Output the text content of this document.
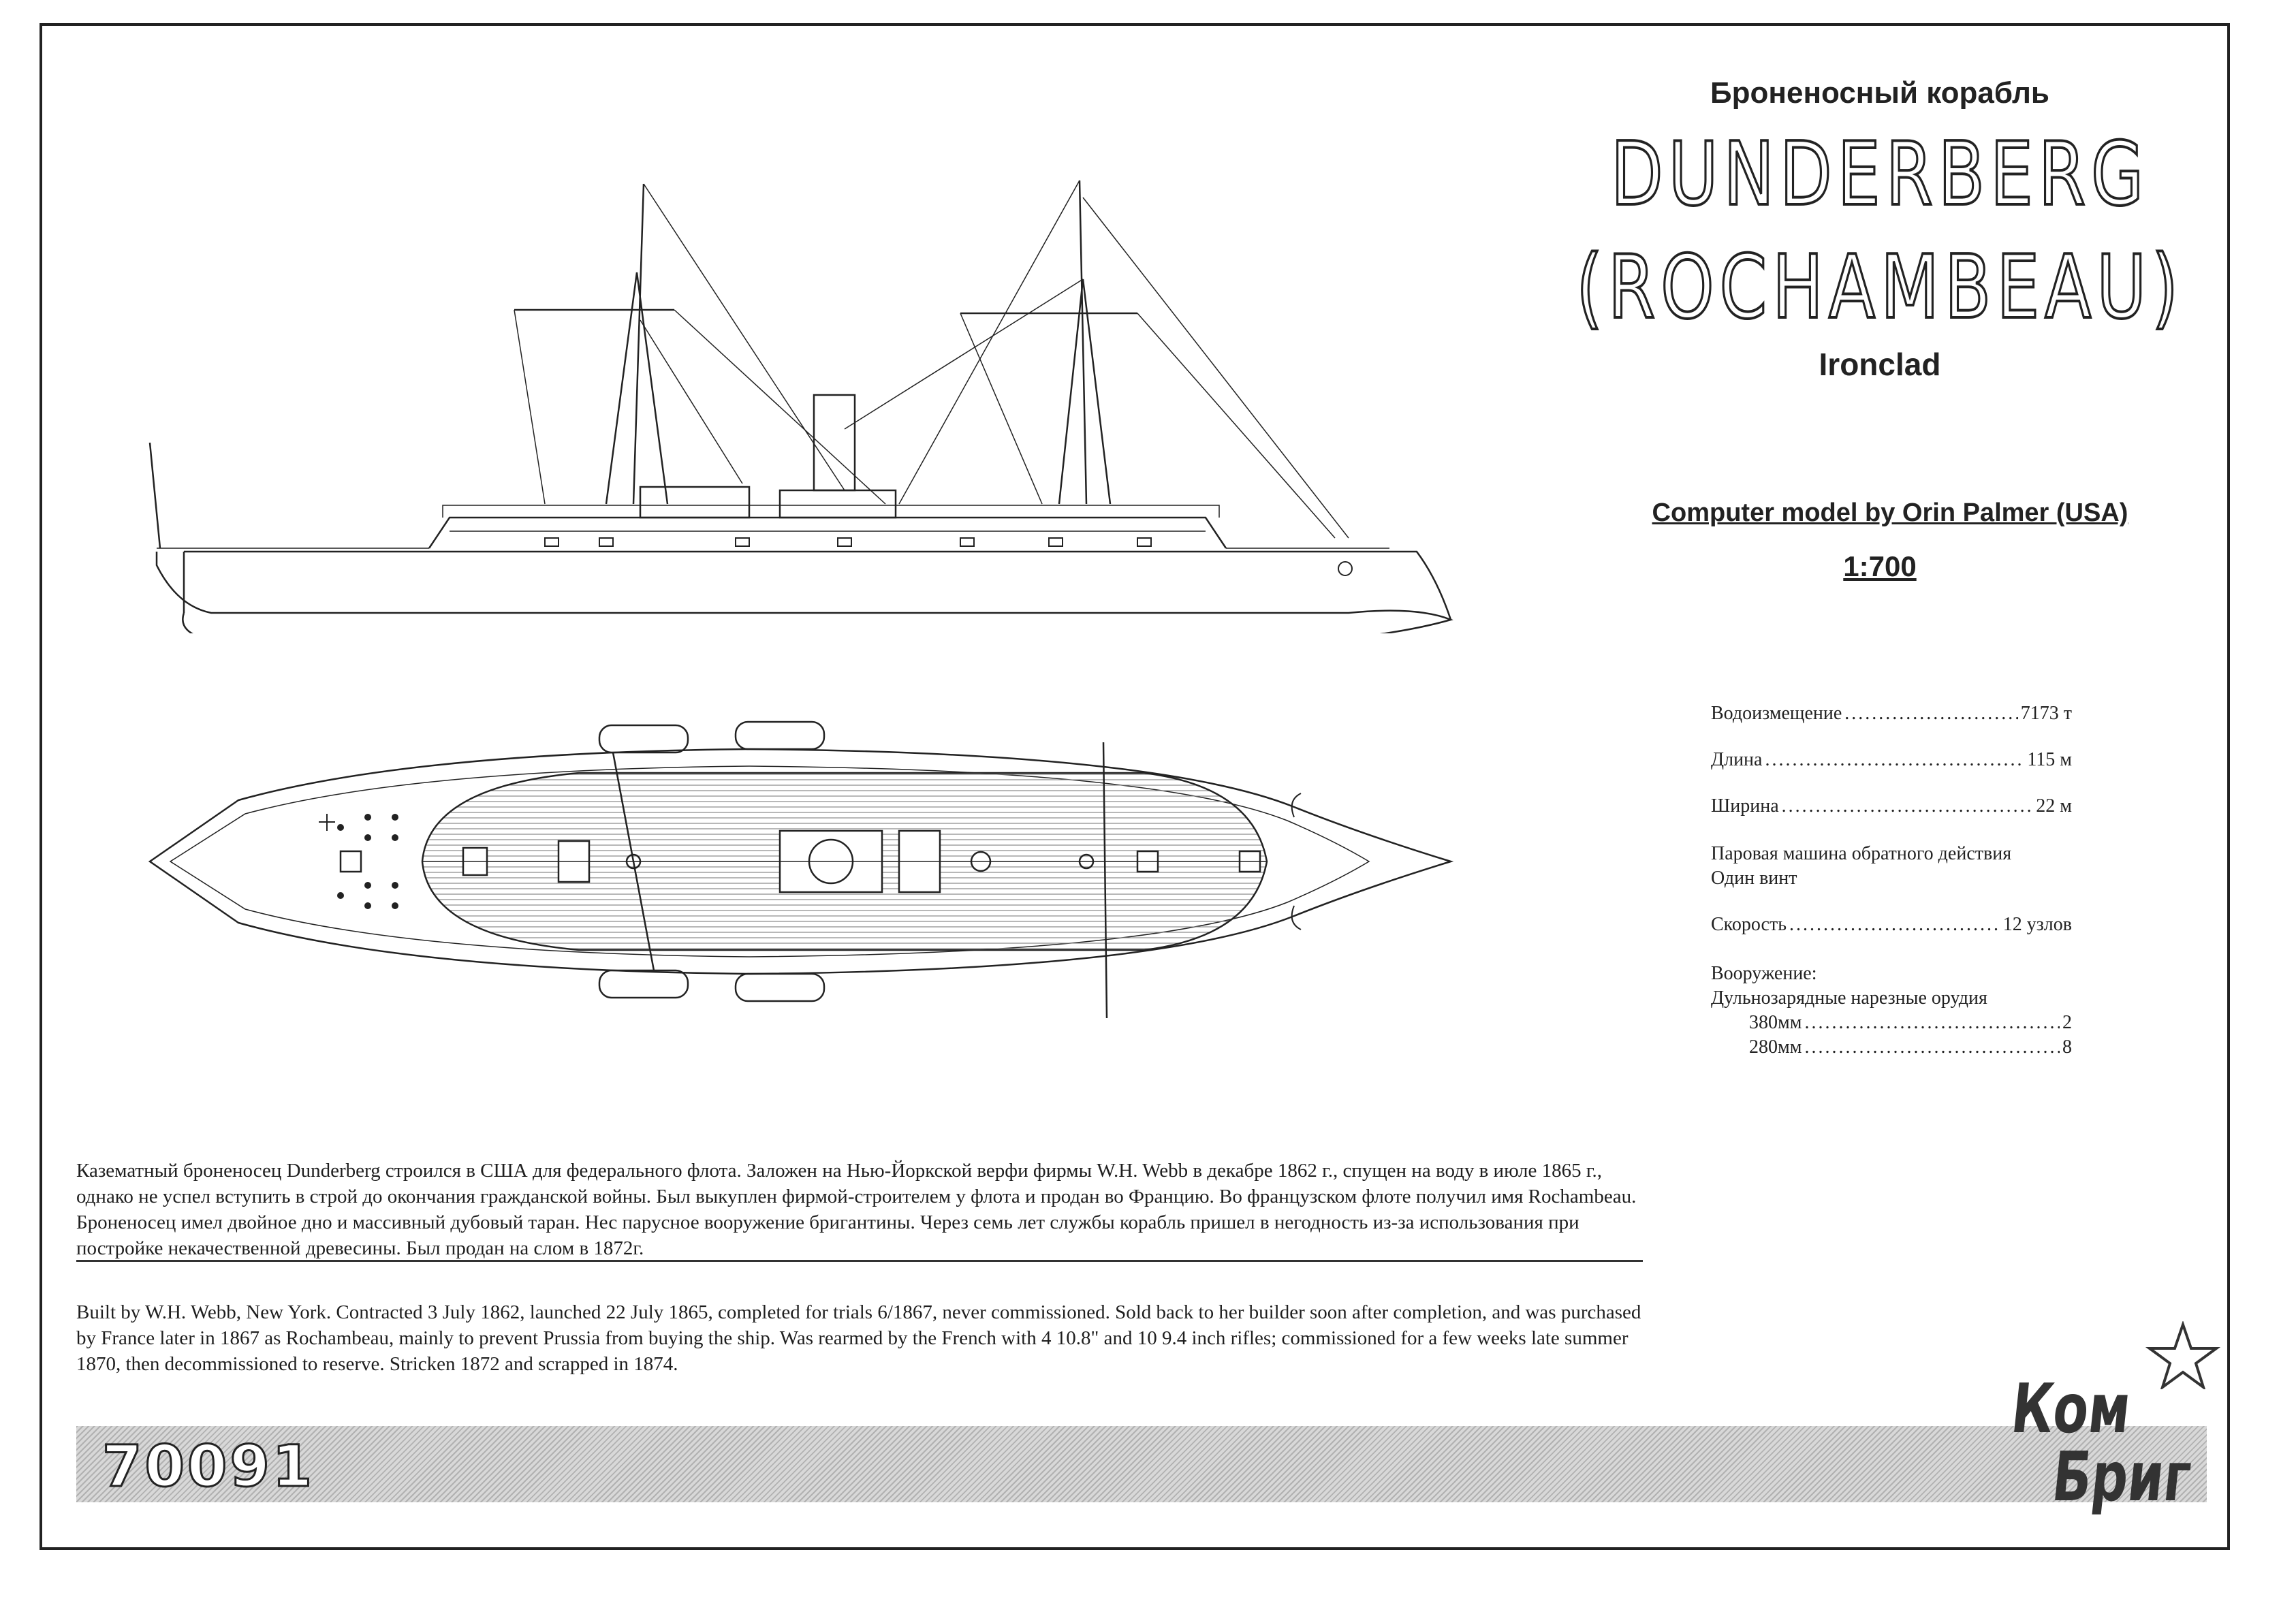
Броненосный корабль
DUNDERBERG
(ROCHAMBEAU)
Ironclad
Computer model by Orin Palmer (USA)
1:700
Водоизмещение .....	7173 т
Длина .....	115 м
Ширина .....	22 м
Паровая машина обратного действия
Один винт
Скорость .....	12 узлов
Вооружение:
Дульнозарядные нарезные орудия
380мм .....	2
280мм .....	8
Казематный броненосец Dunderberg строился в США для федерального флота. Заложен на Нью-Йоркской верфи фирмы W.H. Webb в декабре 1862 г., спущен на воду в июле 1865 г., однако не успел вступить в строй до окончания гражданской войны. Был выкуплен фирмой-строителем у флота и продан во Францию. Во французском флоте получил имя Rochambeau. Броненосец имел двойное дно и массивный дубовый таран. Нес парусное вооружение бригантины. Через семь лет службы корабль пришел в негодность из-за использования при постройке некачественной древесины. Был продан на слом в 1872г.
Built by W.H. Webb, New York. Contracted 3 July 1862, launched 22 July 1865, completed for trials 6/1867, never commissioned. Sold back to her builder soon after completion, and was purchased by France later in 1867 as Rochambeau, mainly to prevent Prussia from buying the ship. Was rearmed by the French with 4 10.8" and 10 9.4 inch rifles; commissioned for a few weeks late summer 1870, then decommissioned to reserve. Stricken 1872 and scrapped in 1874.
70091
Ком
Бриг
